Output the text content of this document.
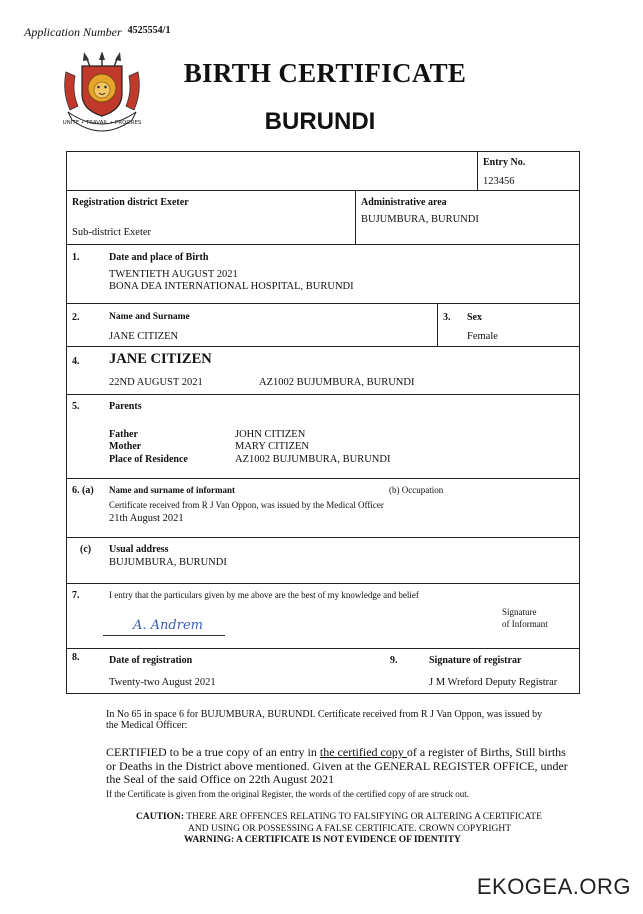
Application Number 4525554/1
UNITE • TRAVAIL • PROGRES
BIRTH CERTIFICATE
BURUNDI
Entry No.
123456
Registration district Exeter
Sub-district Exeter
Administrative area
BUJUMBURA, BURUNDI
1.	Date and place of Birth
TWENTIETH AUGUST 2021
BONA DEA INTERNATIONAL HOSPITAL, BURUNDI
2.	Name and Surname
JANE CITIZEN
3. Sex
Female
4. JANE CITIZEN
22ND AUGUST 2021	AZ1002 BUJUMBURA, BURUNDI
5.	Parents
Father	JOHN CITIZEN
Mother	MARY CITIZEN
Place of Residence	AZ1002 BUJUMBURA, BURUNDI
6. (a) Name and surname of informant	(b) Occupation
Certificate received from R J Van Oppon, was issued by the Medical Officer
21th August 2021
(c) Usual address
BUJUMBURA, BURUNDI
7.	I entry that the particulars given by me above are the best of my knowledge and belief
A. Andrem
Signature
of Informant
8.	Date of registration
Twenty-two August 2021
9.	Signature of registrar
J M Wreford Deputy Registrar
In No 65 in space 6 for BUJUMBURA, BURUNDI. Certificate received from R J Van Oppon, was issued by
the Medical Officer:
CERTIFIED to be a true copy of an entry in the certified copy of a register of Births, Still births or Deaths in the District above mentioned. Given at the GENERAL REGISTER OFFICE, under the Seal of the said Office on 22th August 2021
If the Certificate is given from the original Register, the words of the certified copy of are struck out.
CAUTION: THERE ARE OFFENCES RELATING TO FALSIFYING OR ALTERING A CERTIFICATE
AND USING OR POSSESSING A FALSE CERTIFICATE. CROWN COPYRIGHT
WARNING: A CERTIFICATE IS NOT EVIDENCE OF IDENTITY
EKOGEA.ORG
